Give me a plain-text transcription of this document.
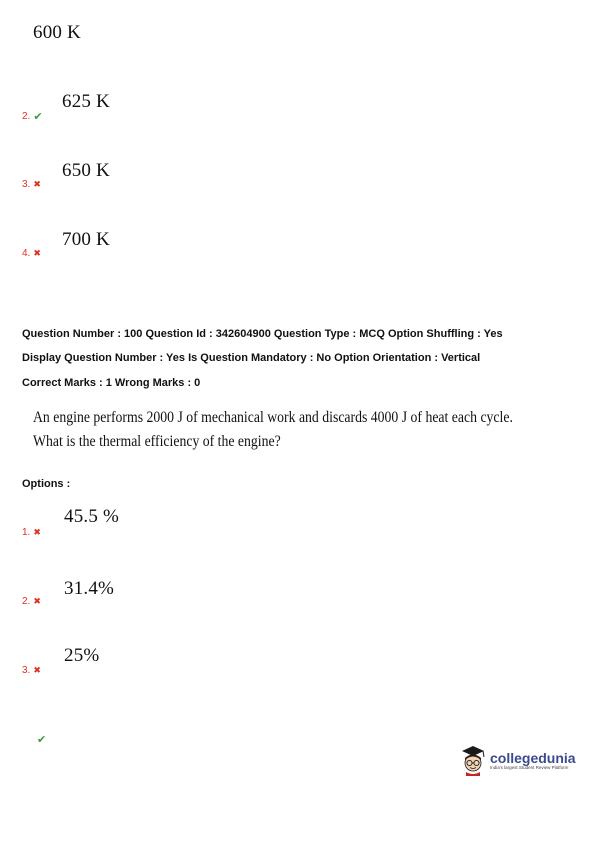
600 K
2. ✔
625 K
3. ✖
650 K
4. ✖
700 K
Question Number : 100 Question Id : 342604900 Question Type : MCQ Option Shuffling : Yes
Display Question Number : Yes Is Question Mandatory : No Option Orientation : Vertical
Correct Marks : 1 Wrong Marks : 0
An engine performs 2000 J of mechanical work and discards 4000 J of heat each cycle.
What is the thermal efficiency of the engine?
Options :
1. ✖
45.5 %
2. ✖
31.4%
3. ✖
25%
✔
collegedunia
India's largest Student Review Platform
